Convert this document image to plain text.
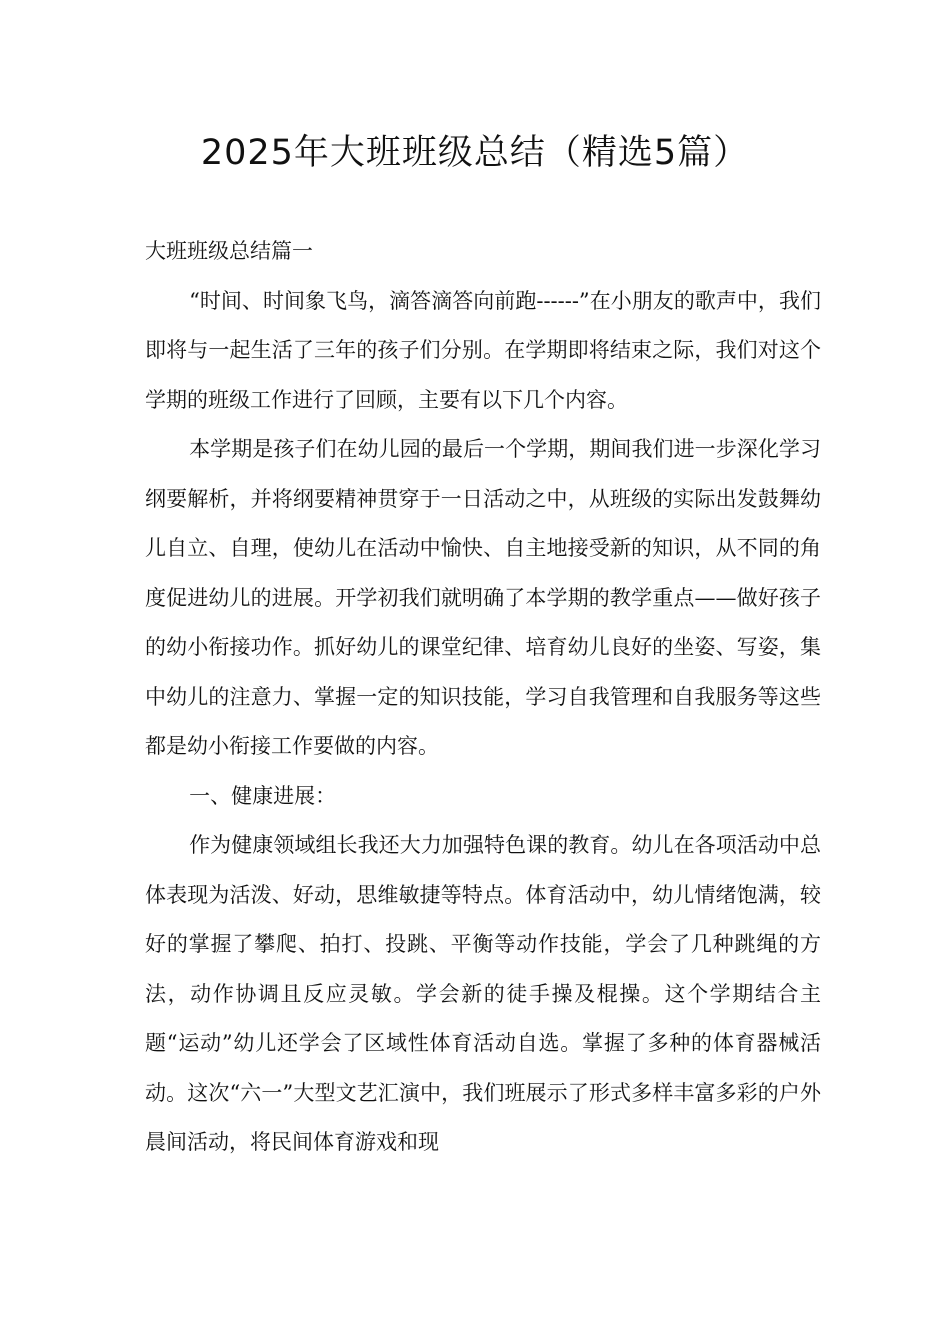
2025年大班班级总结（精选5篇）

大班班级总结篇一

“时间、时间象飞鸟，滴答滴答向前跑------”在小朋友的歌声中，我们即将与一起生活了三年的孩子们分别。在学期即将结束之际，我们对这个学期的班级工作进行了回顾，主要有以下几个内容。

本学期是孩子们在幼儿园的最后一个学期，期间我们进一步深化学习纲要解析，并将纲要精神贯穿于一日活动之中，从班级的实际出发鼓舞幼儿自立、自理，使幼儿在活动中愉快、自主地接受新的知识，从不同的角度促进幼儿的进展。开学初我们就明确了本学期的教学重点——做好孩子的幼小衔接功作。抓好幼儿的课堂纪律、培育幼儿良好的坐姿、写姿，集中幼儿的注意力、掌握一定的知识技能，学习自我管理和自我服务等这些都是幼小衔接工作要做的内容。

一、健康进展：

作为健康领域组长我还大力加强特色课的教育。幼儿在各项活动中总体表现为活泼、好动，思维敏捷等特点。体育活动中，幼儿情绪饱满，较好的掌握了攀爬、拍打、投跳、平衡等动作技能，学会了几种跳绳的方法，动作协调且反应灵敏。学会新的徒手操及棍操。这个学期结合主题“运动”幼儿还学会了区域性体育活动自选。掌握了多种的体育器械活动。这次“六一”大型文艺汇演中，我们班展示了形式多样丰富多彩的户外晨间活动，将民间体育游戏和现
